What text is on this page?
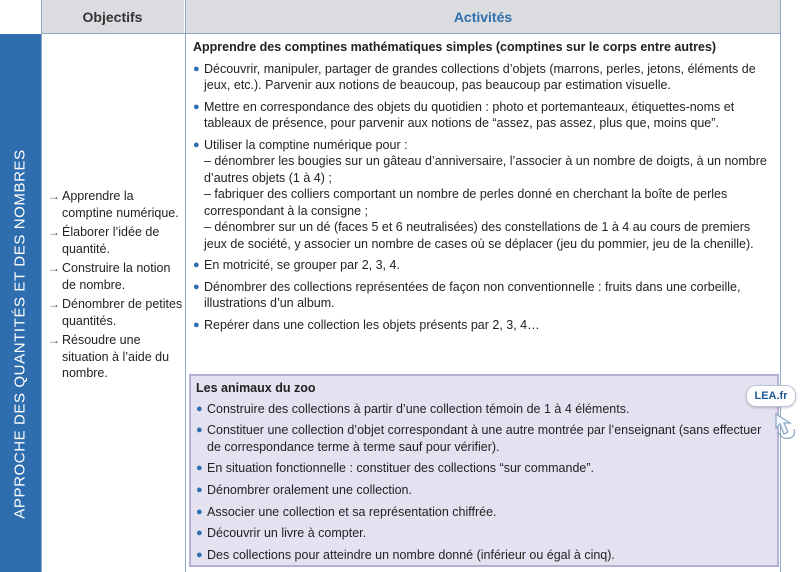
APPROCHE DES QUANTITÉS ET DES NOMBRES
Objectifs	Activités
→ Apprendre la comptine numérique.
→ Élaborer l’idée de quantité.
→ Construire la notion de nombre.
→ Dénombrer de petites quantités.
→ Résoudre une situation à l’aide du nombre.
Apprendre des comptines mathématiques simples (comptines sur le corps entre autres)
● Découvrir, manipuler, partager de grandes collections d’objets (marrons, perles, jetons, éléments de jeux, etc.). Parvenir aux notions de beaucoup, pas beaucoup par estimation visuelle.
● Mettre en correspondance des objets du quotidien : photo et portemanteaux, étiquettes-noms et tableaux de présence, pour parvenir aux notions de “assez, pas assez, plus que, moins que”.
● Utiliser la comptine numérique pour :
– dénombrer les bougies sur un gâteau d’anniversaire, l’associer à un nombre de doigts, à un nombre d’autres objets (1 à 4) ;
– fabriquer des colliers comportant un nombre de perles donné en cherchant la boîte de perles correspondant à la consigne ;
– dénombrer sur un dé (faces 5 et 6 neutralisées) des constellations de 1 à 4 au cours de premiers jeux de société, y associer un nombre de cases où se déplacer (jeu du pommier, jeu de la chenille).
● En motricité, se grouper par 2, 3, 4.
● Dénombrer des collections représentées de façon non conventionnelle : fruits dans une corbeille, illustrations d’un album.
● Repérer dans une collection les objets présents par 2, 3, 4…
Les animaux du zoo
● Construire des collections à partir d’une collection témoin de 1 à 4 éléments.
● Constituer une collection d’objet correspondant à une autre montrée par l’enseignant (sans effectuer de correspondance terme à terme sauf pour vérifier).
● En situation fonctionnelle : constituer des collections “sur commande”.
● Dénombrer oralement une collection.
● Associer une collection et sa représentation chiffrée.
● Découvrir un livre à compter.
● Des collections pour atteindre un nombre donné (inférieur ou égal à cinq).
LEA.fr
